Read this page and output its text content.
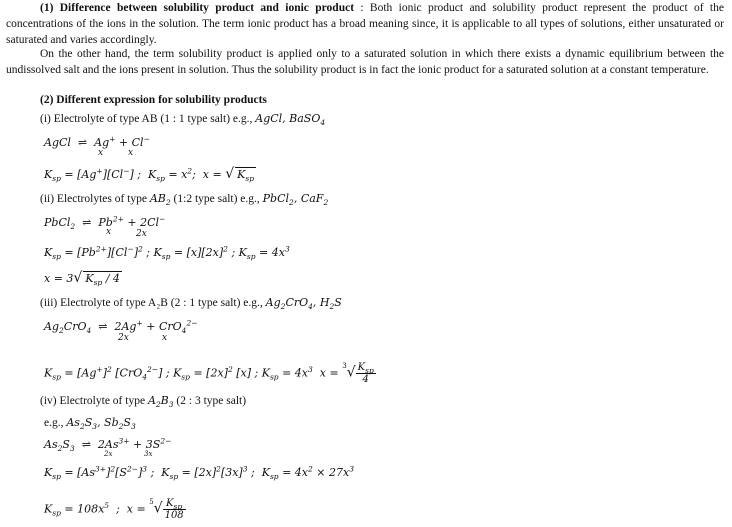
(1) Difference between solubility product and ionic product : Both ionic product and solubility product represent the product of the concentrations of the ions in the solution. The term ionic product has a broad meaning since, it is applicable to all types of solutions, either unsaturated or saturated and varies accordingly.
On the other hand, the term solubility product is applied only to a saturated solution in which there exists a dynamic equilibrium between the undissolved salt and the ions present in solution. Thus the solubility product is in fact the ionic product for a saturated solution at a constant temperature.
(2) Different expression for solubility products
(i) Electrolyte of type AB (1 : 1 type salt) e.g., AgCl, BaSO$_4$
AgCl  ⇌  Ag+ + Cl−
x	x
$K_{sp} = [Ag^+][Cl^-]$ ;  $K_{sp} = x^2$;  x = √ $K_{sp}$
(ii) Electrolytes of type $AB_2$ (1:2 type salt) e.g., PbCl$_2$, CaF$_2$
PbCl$_2$  ⇌  $Pb^{2+} + 2Cl^-$
x	2x
$K_{sp} = [Pb^{2+}][Cl^-]^2$ ; $K_{sp} = [x][2x]^2$ ; $K_{sp} = 4x^3$
x = 3√ $K_{sp} / 4$
(iii) Electrolyte of type A₂B (2 : 1 type salt) e.g., $Ag_2CrO_4$, $H_2S$
$Ag_2CrO_4$  ⇌  2Ag+ + CrO$_4^{2-}$
2x	x
$K_{sp} = [Ag^+]^2$ [CrO$_4^{2-}$] ; $K_{sp} = [2x]^2$ [x] ; $K_{sp} = 4x^3$  $x = ^3√ \frac{K_{sp}}{4}$
(iv) Electrolyte of type $A_2B_3$ (2 : 3 type salt)
e.g., $As_2S_3$, $Sb_2S_3$
$As_2S_3$  ⇌  $2As^{3+} + 3S^{2-}$
2x	3x
$K_{sp} = [As^{3+}]^2[S^{2-}]^3$ ;  $K_{sp} = [2x]^2[3x]^3$ ;  $K_{sp} = 4x^2 \times 27x^3$
$K_{sp} = 108x^5$  ;  $x = ^5√ \frac{K_{sp}}{108}$
